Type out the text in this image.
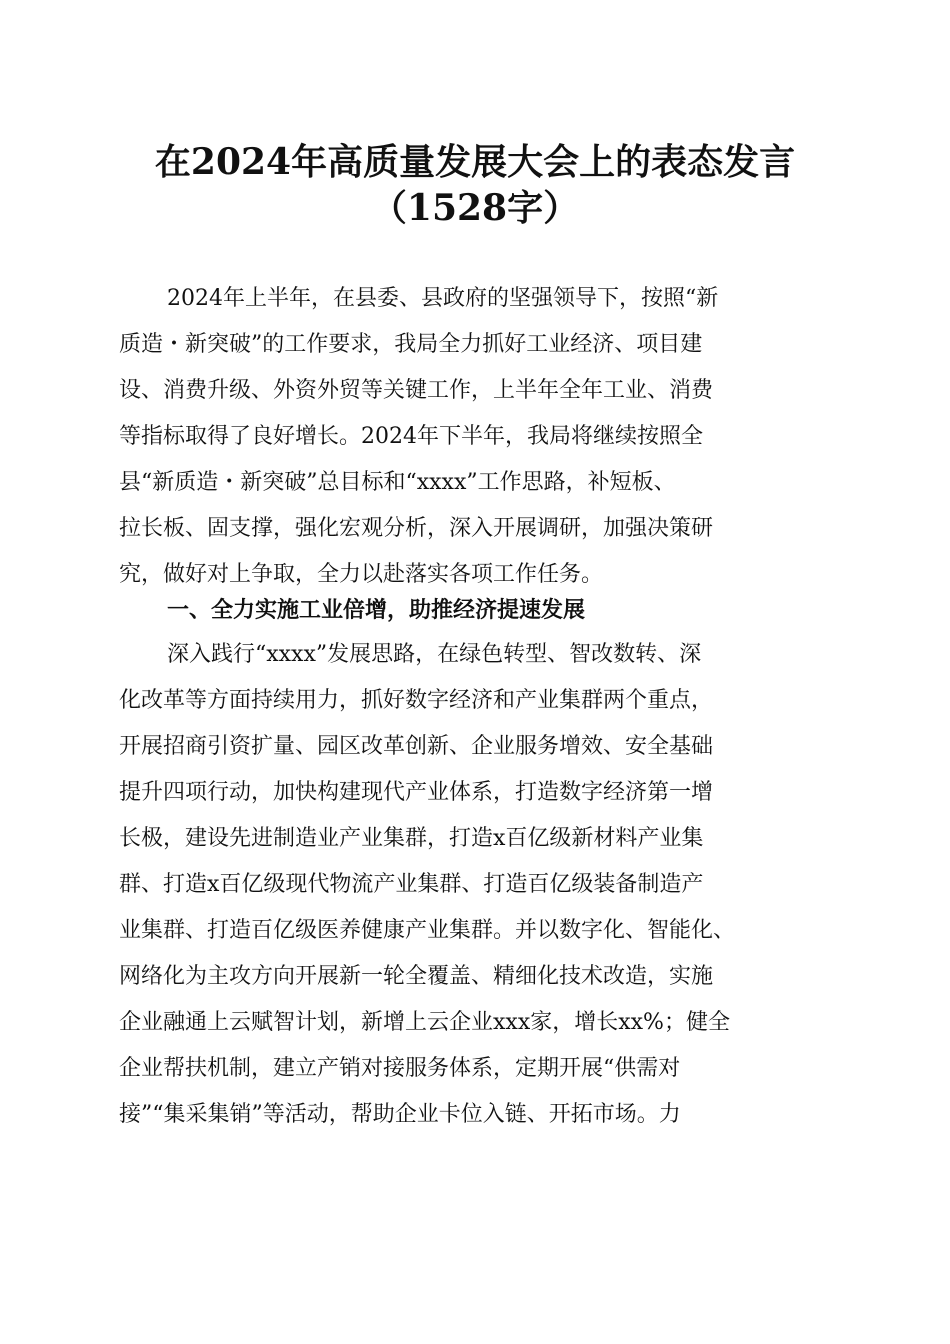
在2024年高质量发展大会上的表态发言
（1528字）
2024年上半年，在县委、县政府的坚强领导下，按照“新
质造・新突破”的工作要求，我局全力抓好工业经济、项目建
设、消费升级、外资外贸等关键工作，上半年全年工业、消费
等指标取得了良好增长。2024年下半年，我局将继续按照全
县“新质造・新突破”总目标和“xxxx”工作思路，补短板、
拉长板、固支撑，强化宏观分析，深入开展调研，加强决策研
究，做好对上争取，全力以赴落实各项工作任务。
一、全力实施工业倍增，助推经济提速发展
深入践行“xxxx”发展思路，在绿色转型、智改数转、深
化改革等方面持续用力，抓好数字经济和产业集群两个重点，
开展招商引资扩量、园区改革创新、企业服务增效、安全基础
提升四项行动，加快构建现代产业体系，打造数字经济第一增
长极，建设先进制造业产业集群，打造x百亿级新材料产业集
群、打造x百亿级现代物流产业集群、打造百亿级装备制造产
业集群、打造百亿级医养健康产业集群。并以数字化、智能化、
网络化为主攻方向开展新一轮全覆盖、精细化技术改造，实施
企业融通上云赋智计划，新增上云企业xxx家，增长xx%；健全
企业帮扶机制，建立产销对接服务体系，定期开展“供需对
接”“集采集销”等活动，帮助企业卡位入链、开拓市场。力
